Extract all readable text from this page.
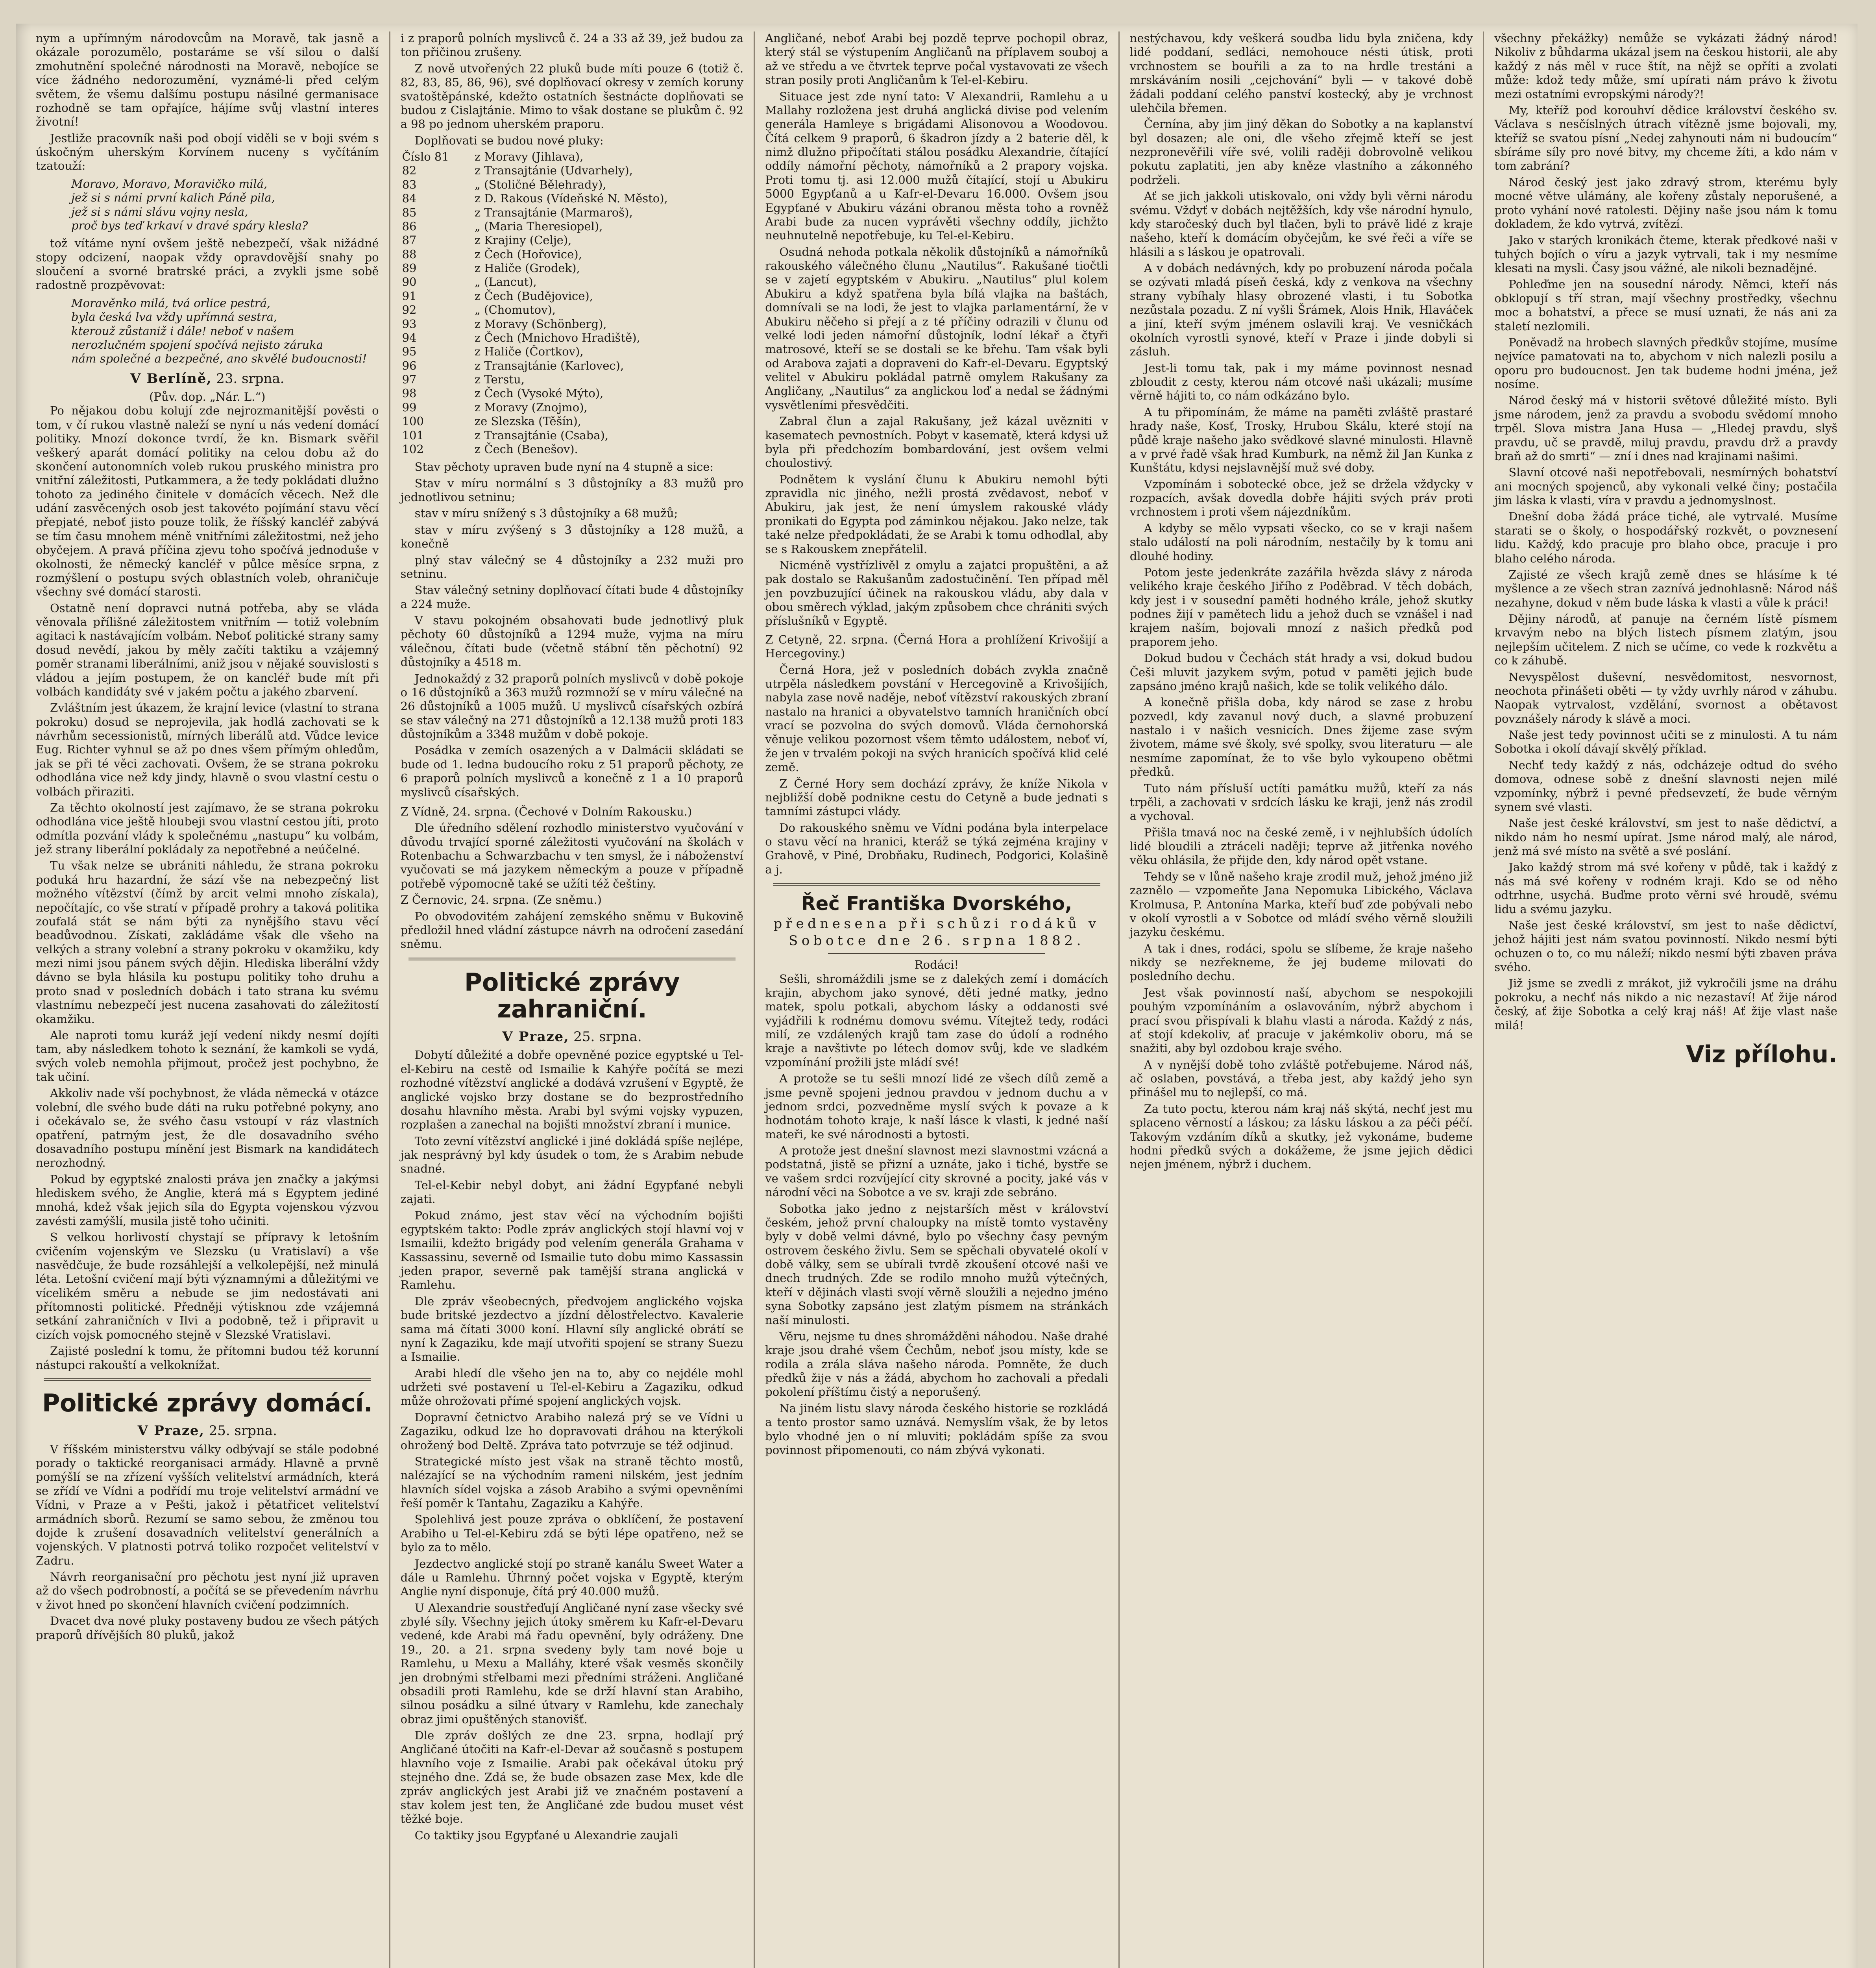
nym a upřímným národovcům na Moravě, tak jasně a okázale porozumělo, postaráme se vší silou o další zmohutnění společné národnosti na Moravě, nebojíce se více žádného nedorozumění, vyznámé-li před celým světem, že všemu dalšímu postupu násilné germanisace rozhodně se tam opřajíce, hájíme svůj vlastní interes životní!

Jestliže pracovník naši pod obojí viděli se v boji svém s úskočným uherským Korvínem nuceny s vyčítáním tzatouží:

Moravo, Moravo, Moravičko milá,
jež si s námi první kalich Páně pila,
jež si s námi slávu vojny nesla,
proč bys teď krkaví v dravé spáry klesla?

tož vítáme nyní ovšem ještě nebezpečí, však nižádné stopy odcizení, naopak vždy opravdovější snahy po sloučení a svorné bratrské práci, a zvykli jsme sobě radostně prozpěvovat:

Moravěnko milá, tvá orlice pestrá,
byla česká lva vždy upřímná sestra,
kterouž zůstaniž i dále! neboť v našem
nerozlučném spojení spočívá nejisto záruka
nám společné a bezpečné, ano skvělé budoucnosti!
V Berlíně, 23. srpna.
(Pův. dop. „Nár. L.“)

Po nějakou dobu kolují zde nejrozmanitější pověsti o tom, v čí rukou vlastně naleží se nyní u nás vedení domácí politiky. Mnozí dokonce tvrdí, že kn. Bismark svěřil veškerý aparát domácí politiky na celou dobu až do skončení autonomních voleb rukou pruského ministra pro vnitřní záležitosti, Putkammera, a že tedy pokládati dlužno tohoto za jediného činitele v domácích věcech. Než dle udání zasvěcených osob jest takovéto pojímání stavu věcí přepjaté, neboť jisto pouze tolik, že říšský kancléř zabývá se tím času mnohem méně vnitřními záležitostmi, než jeho obyčejem. A pravá příčina zjevu toho spočívá jednoduše v okolnosti, že německý kancléř v půlce měsíce srpna, z rozmýšlení o postupu svých oblastních voleb, ohraničuje všechny své domácí starosti.

Ostatně není dopravci nutná potřeba, aby se vláda věnovala přílišné záležitostem vnitřním — totiž volebním agitaci k nastávajícím volbám. Neboť politické strany samy dosud nevědí, jakou by měly začíti taktiku a vzájemný poměr stranami liberálními, aniž jsou v nějaké souvislosti s vládou a jejím postupem, že on kancléř bude mít při volbách kandidáty své v jakém počtu a jakého zbarvení.

Zvláštním jest úkazem, že krajní levice (vlastní to strana pokroku) dosud se neprojevila, jak hodlá zachovati se k návrhům secessionistů, mírných liberálů atd. Vůdce levice Eug. Richter vyhnul se až po dnes všem přímým ohledům, jak se při té věci zachovati. Ovšem, že se strana pokroku odhodlána vice než kdy jindy, hlavně o svou vlastní cestu o volbách přiraziti.

Za těchto okolností jest zajímavo, že se strana pokroku odhodlána vice ještě hloubeji svou vlastní cestou jíti, proto odmítla pozvání vlády k společnému „nastupu“ ku volbám, jež strany liberální pokládaly za nepotřebné a neúčelné.

Tu však nelze se ubrániti náhledu, že strana pokroku poduká hru hazardní, že sází vše na nebezpečný list možného vítězství (čímž by arcit velmi mnoho získala), nepočítajíc, co vše stratí v případě prohry a taková politika zoufalá stát se nám býti za nynějšího stavu věcí beadůvodnou. Získati, zakládáme však dle všeho na velkých a strany volební a strany pokroku v okamžiku, kdy mezi nimi jsou pánem svých dějin. Hlediska liberální vždy dávno se byla hlásila ku postupu politiky toho druhu a proto snad v posledních dobách i tato strana ku svému vlastnímu nebezpečí jest nucena zasahovati do záležitostí okamžiku.

Ale naproti tomu kuráž její vedení nikdy nesmí dojíti tam, aby následkem tohoto k seznání, že kamkoli se vydá, svých voleb nemohla přijmout, pročež jest pochybno, že tak učiní.

Akkoliv nade vší pochybnost, že vláda německá v otázce volební, dle svého bude dáti na ruku potřebné pokyny, ano i očekávalo se, že svého času vstoupí v ráz vlastních opatření, patrným jest, že dle dosavadního svého dosavadního postupu mínění jest Bismark na kandidátech nerozhodný.

Pokud by egyptské znalosti práva jen značky a jakýmsi hlediskem svého, že Anglie, která má s Egyptem jediné mnohá, kdež však jejich síla do Egypta vojenskou výzvou zavésti zamýšlí, musila jistě toho učiniti.

S velkou horlivostí chystají se přípravy k letošním cvičením vojenským ve Slezsku (u Vratislaví) a vše nasvědčuje, že bude rozsáhlejší a velkolepější, než minulá léta. Letošní cvičení mají býti významnými a důležitými ve vícelikém směru a nebude se jim nedostávati ani přítomnosti politické. Předněji výtisknou zde vzájemná setkání zahraničních v Ilvi a podobně, tež i připravit u cizích vojsk pomocného stejně v Slezské Vratislavi.

Zajisté poslední k tomu, že přítomni budou též korunní nástupci rakouští a velkoknížat.

Politické zprávy domácí.
V Praze, 25. srpna.

V říšském ministerstvu války odbývají se stále podobné porady o taktické reorganisaci armády. Hlavně a prvně pomýšlí se na zřízení vyšších velitelství armádních, která se zřídí ve Vídni a podřídí mu troje velitelství armádní ve Vídni, v Praze a v Pešti, jakož i pětatřicet velitelství armádních sborů. Rezumí se samo sebou, že změnou tou dojde k zrušení dosavadních velitelství generálních a vojenských. V platnosti potrvá toliko rozpočet velitelství v Zadru.

Návrh reorganisační pro pěchotu jest nyní již upraven až do všech podrobností, a počítá se se převedením návrhu v život hned po skončení hlavních cvičení podzimních.

Dvacet dva nové pluky postaveny budou ze všech pátých praporů dřívějších 80 pluků, jakož

i z praporů polních myslivců č. 24 a 33 až 39, jež budou za ton přičinou zrušeny.

Z nově utvořených 22 pluků bude míti pouze 6 (totiž č. 82, 83, 85, 86, 96), své doplňovací okresy v zemích koruny svatoštěpánské, kdežto ostatních šestnácte doplňovati se budou z Cislajtánie. Mimo to však dostane se plukům č. 92 a 98 po jednom uherském praporu.

Doplňovati se budou nové pluky:

Číslo 81	z Moravy (Jihlava),
82	z Transajtánie (Udvarhely),
83	„ (Stoličné Bělehrady),
84	z D. Rakous (Vídeňské N. Město),
85	z Transajtánie (Marmaroš),
86	„ (Maria Theresiopel),
87	z Krajiny (Celje),
88	z Čech (Hořovice),
89	z Haliče (Grodek),
90	„ (Lancut),
91	z Čech (Budějovice),
92	„ (Chomutov),
93	z Moravy (Schönberg),
94	z Čech (Mnichovo Hradiště),
95	z Haliče (Čortkov),
96	z Transajtánie (Karlovec),
97	z Terstu,
98	z Čech (Vysoké Mýto),
99	z Moravy (Znojmo),
100	ze Slezska (Těšín),
101	z Transajtánie (Csaba),
102	z Čech (Benešov).

Stav pěchoty upraven bude nyní na 4 stupně a sice:

Stav v míru normální s 3 důstojníky a 83 mužů pro jednotlivou setninu;

stav v míru snížený s 3 důstojníky a 68 mužů;

stav v míru zvýšený s 3 důstojníky a 128 mužů, a konečně

plný stav válečný se 4 důstojníky a 232 muži pro setninu.

Stav válečný setniny doplňovací čítati bude 4 důstojníky a 224 muže.

V stavu pokojném obsahovati bude jednotlivý pluk pěchoty 60 důstojníků a 1294 muže, vyjma na míru válečnou, čítati bude (včetně stábní těn pěchotní) 92 důstojníky a 4518 m.

Jednokaždý z 32 praporů polních myslivců v době pokoje o 16 důstojníků a 363 mužů rozmnoží se v míru válečné na 26 důstojníků a 1005 mužů. U myslivců císařských ozbírá se stav válečný na 271 důstojníků a 12.138 mužů proti 183 důstojníkům a 3348 mužům v době pokoje.

Posádka v zemích osazených a v Dalmácii skládati se bude od 1. ledna budoucího roku z 51 praporů pěchoty, ze 6 praporů polních myslivců a konečně z 1 a 10 praporů myslivců císařských.

Z Vídně, 24. srpna. (Čechové v Dolním Rakousku.)

Dle úředního sdělení rozhodlo ministerstvo vyučování v důvodu trvající sporné záležitosti vyučování na školách v Rotenbachu a Schwarzbachu v ten smysl, že i náboženství vyučovati se má jazykem německým a pouze v případně potřebě výpomocně také se užíti též češtiny.

Z Černovic, 24. srpna. (Ze sněmu.)

Po obvodovitém zahájení zemského sněmu v Bukovině předložil hned vládní zástupce návrh na odročení zasedání sněmu.

Politické zprávy zahraniční.
V Praze, 25. srpna.

Dobytí důležité a dobře opevněné pozice egyptské u Tel-el-Kebiru na cestě od Ismailie k Kahýře počítá se mezi rozhodné vítězství anglické a dodává vzrušení v Egyptě, že anglické vojsko brzy dostane se do bezprostředního dosahu hlavního města. Arabi byl svými vojsky vypuzen, rozplašen a zanechal na bojišti množství zbraní i munice.

Toto zevní vítězství anglické i jiné dokládá spíše nejlépe, jak nesprávný byl kdy úsudek o tom, že s Arabim nebude snadné.

Tel-el-Kebir nebyl dobyt, ani žádní Egypťané nebyli zajati.

Pokud známo, jest stav věcí na východním bojišti egyptském takto: Podle zpráv anglických stojí hlavní voj v Ismailii, kdežto brigády pod velením generála Grahama v Kassassinu, severně od Ismailie tuto dobu mimo Kassassin jeden prapor, severně pak tamější strana anglická v Ramlehu.

Dle zpráv všeobecných, předvojem anglického vojska bude britské jezdectvo a jízdní dělostřelectvo. Kavalerie sama má čítati 3000 koní. Hlavní síly anglické obrátí se nyní k Zagaziku, kde mají utvořiti spojení se strany Suezu a Ismailie.

Arabi hledí dle všeho jen na to, aby co nejdéle mohl udržeti své postavení u Tel-el-Kebiru a Zagaziku, odkud může ohrožovati přímé spojení anglických vojsk.

Dopravní četnictvo Arabiho nalezá prý se ve Vídni u Zagaziku, odkud lze ho dopravovati dráhou na kterýkoli ohrožený bod Deltě. Zpráva tato potvrzuje se též odjinud.

Strategické místo jest však na straně těchto mostů, nalézající se na východním rameni nilském, jest jedním hlavních sídel vojska a zásob Arabiho a svými opevněními řeší poměr k Tantahu, Zagaziku a Kahýře.

Spolehlivá jest pouze zpráva o obklíčení, že postavení Arabiho u Tel-el-Kebiru zdá se býti lépe opatřeno, než se bylo za to mělo.

Jezdectvo anglické stojí po straně kanálu Sweet Water a dále u Ramlehu. Úhrnný počet vojska v Egyptě, kterým Anglie nyní disponuje, čítá prý 40.000 mužů.

U Alexandrie soustřeďují Angličané nyní zase všecky své zbylé síly. Všechny jejich útoky směrem ku Kafr-el-Devaru vedené, kde Arabi má řadu opevnění, byly odráženy. Dne 19., 20. a 21. srpna svedeny byly tam nové boje u Ramlehu, u Mexu a Malláhy, které však vesměs skončily jen drobnými střelbami mezi předními stráženi. Angličané obsadili proti Ramlehu, kde se drží hlavní stan Arabiho, silnou posádku a silné útvary v Ramlehu, kde zanechaly obraz jimi opuštěných stanovišť.

Dle zpráv došlých ze dne 23. srpna, hodlají prý Angličané útočiti na Kafr-el-Devar až současně s postupem hlavního voje z Ismailie. Arabi pak očekával útoku prý stejného dne. Zdá se, že bude obsazen zase Mex, kde dle zpráv anglických jest Arabi již ve značném postavení a stav kolem jest ten, že Angličané zde budou muset vést těžké boje.

Co taktiky jsou Egypťané u Alexandrie zaujali

Angličané, neboť Arabi bej pozdě teprve pochopil obraz, který stál se výstupením Angličanů na příplavem souboj a až ve středu a ve čtvrtek teprve počal vystavovati ze všech stran posily proti Angličanům k Tel-el-Kebiru.

Situace jest zde nyní tato: V Alexandrii, Ramlehu a u Mallahy rozložena jest druhá anglická divise pod velením generála Hamleye s brigádami Alisonovou a Woodovou. Čítá celkem 9 praporů, 6 škadron jízdy a 2 baterie děl, k nimž dlužno připočítati stálou posádku Alexandrie, čítající oddíly námořní pěchoty, námořníků a 2 prapory vojska. Proti tomu tj. asi 12.000 mužů čítající, stojí u Abukiru 5000 Egypťanů a u Kafr-el-Devaru 16.000. Ovšem jsou Egypťané v Abukiru vázáni obranou města toho a rovněž Arabi bude za nucen vyprávěti všechny oddíly, jichžto neuhnutelně nepotřebuje, ku Tel-el-Kebiru.

Osudná nehoda potkala několik důstojníků a námořníků rakouského válečného člunu „Nautilus“. Rakušané tiočtli se v zajetí egyptském v Abukiru. „Nautilus“ plul kolem Abukiru a když spatřena byla bílá vlajka na baštách, domnívali se na lodi, že jest to vlajka parlamentární, že v Abukiru něčeho si přejí a z té příčiny odrazili v člunu od velké lodi jeden námořní důstojník, lodní lékař a čtyři matrosové, kteří se se dostali se ke břehu. Tam však byli od Arabova zajati a dopraveni do Kafr-el-Devaru. Egyptský velitel v Abukiru pokládal patrně omylem Rakušany za Angličany, „Nautilus“ za anglickou loď a nedal se žádnými vysvětleními přesvědčiti.

Zabral člun a zajal Rakušany, jež kázal uvězniti v kasematech pevnostních. Pobyt v kasematě, která kdysi už byla při předchozím bombardování, jest ovšem velmi choulostivý.

Podnětem k vyslání člunu k Abukiru nemohl býti zpravidla nic jiného, nežli prostá zvědavost, neboť v Abukiru, jak jest, že není úmyslem rakouské vlády pronikati do Egypta pod záminkou nějakou. Jako nelze, tak také nelze předpokládati, že se Arabi k tomu odhodlal, aby se s Rakouskem znepřátelil.

Nicméně vystřízlivěl z omylu a zajatci propuštěni, a až pak dostalo se Rakušanům zadostučinění. Ten případ měl jen povzbuzující účinek na rakouskou vládu, aby dala v obou směrech výklad, jakým způsobem chce chrániti svých příslušníků v Egyptě.

Z Cetyně, 22. srpna. (Černá Hora a prohlížení Krivošijí a Hercegoviny.)

Černá Hora, jež v posledních dobách zvykla značně utrpěla následkem povstání v Hercegovině a Krivošijích, nabyla zase nově naděje, neboť vítězství rakouských zbraní nastalo na hranici a obyvatelstvo tamních hraničních obcí vrací se pozvolna do svých domovů. Vláda černohorská věnuje velikou pozornost všem těmto událostem, neboť ví, že jen v trvalém pokoji na svých hranicích spočívá klid celé země.

Z Černé Hory sem dochází zprávy, že kníže Nikola v nejbližší době podnikne cestu do Cetyně a bude jednati s tamními zástupci vlády.

Do rakouského sněmu ve Vídni podána byla interpelace o stavu věcí na hranici, kteráž se týká zejména krajiny v Grahově, v Piné, Drobňaku, Rudinech, Podgorici, Kolašině a j.

Řeč Františka Dvorského,
přednesena při schůzi rodáků v Sobotce dne 26. srpna 1882.
Rodáci!

Sešli, shromáždili jsme se z dalekých zemí i domácích krajin, abychom jako synové, děti jedné matky, jedno matek, spolu potkali, abychom lásky a oddanosti své vyjádřili k rodnému domovu svému. Vítejtež tedy, rodáci milí, ze vzdálených krajů tam zase do údolí a rodného kraje a navštivte po létech domov svůj, kde ve sladkém vzpomínání prožili jste mládí své!

A protože se tu sešli mnozí lidé ze všech dílů země a jsme pevně spojeni jednou pravdou v jednom duchu a v jednom srdci, pozvedněme myslí svých k povaze a k hodnotám tohoto kraje, k naší lásce k vlasti, k jedné naší mateři, ke své národnosti a bytosti.

A protože jest dnešní slavnost mezi slavnostmi vzácná a podstatná, jistě se přizní a uznáte, jako i tiché, bystře se ve vašem srdci rozvíjející city skrovné a pocity, jaké vás v národní věci na Sobotce a ve sv. kraji zde sebráno.

Sobotka jako jedno z nejstarších měst v království českém, jehož první chaloupky na místě tomto vystavěny byly v době velmi dávné, bylo po všechny časy pevným ostrovem českého živlu. Sem se spěchali obyvatelé okolí v době války, sem se ubírali tvrdě zkoušení otcové naši ve dnech trudných. Zde se rodilo mnoho mužů výtečných, kteří v dějinách vlasti svojí věrně sloužili a nejedno jméno syna Sobotky zapsáno jest zlatým písmem na stránkách naší minulosti.

Věru, nejsme tu dnes shromážděni náhodou. Naše drahé kraje jsou drahé všem Čechům, neboť jsou místy, kde se rodila a zrála sláva našeho národa. Pomněte, že duch předků žije v nás a žádá, abychom ho zachovali a předali pokolení příštímu čistý a neporušený.

Na jiném listu slavy národa českého historie se rozkládá a tento prostor samo uznává. Nemyslím však, že by letos bylo vhodné jen o ní mluviti; pokládám spíše za svou povinnost připomenouti, co nám zbývá vykonati.

nestýchavou, kdy veškerá soudba lidu byla zničena, kdy lidé poddaní, sedláci, nemohouce nésti útisk, proti vrchnostem se bouřili a za to na hrdle trestáni a mrskáváním nosili „cejchování“ byli — v takové době žádali poddaní celého panství kostecký, aby je vrchnost ulehčila břemen.

Černína, aby jim jiný děkan do Sobotky a na kaplanství byl dosazen; ale oni, dle všeho zřejmě kteří se jest nezpronevěřili víře své, volili raději dobrovolně velikou pokutu zaplatiti, jen aby kněze vlastního a zákonného podrželi.

Ať se jich jakkoli utiskovalo, oni vždy byli věrni národu svému. Vždyť v dobách nejtěžších, kdy vše národní hynulo, kdy staročeský duch byl tlačen, byli to právě lidé z kraje našeho, kteří k domácím obyčejům, ke své řeči a víře se hlásili a s láskou je opatrovali.

A v dobách nedávných, kdy po probuzení národa počala se ozývati mladá píseň česká, kdy z venkova na všechny strany vybíhaly hlasy obrozené vlasti, i tu Sobotka nezůstala pozadu. Z ní vyšli Šrámek, Alois Hnik, Hlaváček a jiní, kteří svým jménem oslavili kraj. Ve vesničkách okolních vyrostli synové, kteří v Praze i jinde dobyli si zásluh.

Jest-li tomu tak, pak i my máme povinnost nesnad zbloudit z cesty, kterou nám otcové naši ukázali; musíme věrně hájiti to, co nám odkázáno bylo.

A tu připomínám, že máme na paměti zvláště prastaré hrady naše, Kosť, Trosky, Hrubou Skálu, které stojí na půdě kraje našeho jako svědkové slavné minulosti. Hlavně a v prvé řadě však hrad Kumburk, na němž žil Jan Kunka z Kunštátu, kdysi nejslavnější muž své doby.

Vzpomínám i sobotecké obce, jež se držela vždycky v rozpacích, avšak dovedla dobře hájiti svých práv proti vrchnostem i proti všem nájezdníkům.

A kdyby se mělo vypsati všecko, co se v kraji našem stalo událostí na poli národním, nestačily by k tomu ani dlouhé hodiny.

Potom jeste jedenkráte zazářila hvězda slávy z národa velikého kraje českého Jiřího z Poděbrad. V těch dobách, kdy jest i v sousední paměti hodného krále, jehož skutky podnes žijí v pamětech lidu a jehož duch se vznášel i nad krajem naším, bojovali mnozí z našich předků pod praporem jeho.

Dokud budou v Čechách stát hrady a vsi, dokud budou Češi mluvit jazykem svým, potud v paměti jejich bude zapsáno jméno krajů našich, kde se tolik velikého dálo.

A konečně přišla doba, kdy národ se zase z hrobu pozvedl, kdy zavanul nový duch, a slavné probuzení nastalo i v našich vesnicích. Dnes žijeme zase svým životem, máme své školy, své spolky, svou literaturu — ale nesmíme zapomínat, že to vše bylo vykoupeno obětmi předků.

Tuto nám přísluší uctíti památku mužů, kteří za nás trpěli, a zachovati v srdcích lásku ke kraji, jenž nás zrodil a vychoval.

Přišla tmavá noc na české země, i v nejhlubších údolích lidé bloudili a ztráceli naději; teprve až jitřenka nového věku ohlásila, že přijde den, kdy národ opět vstane.

Tehdy se v lůně našeho kraje zrodil muž, jehož jméno již zaznělo — vzpomeňte Jana Nepomuka Libického, Václava Krolmusa, P. Antonína Marka, kteří buď zde pobývali nebo v okolí vyrostli a v Sobotce od mládí svého věrně sloužili jazyku českému.

A tak i dnes, rodáci, spolu se slíbeme, že kraje našeho nikdy se nezřekneme, že jej budeme milovati do posledního dechu.

Jest však povinností naší, abychom se nespokojili pouhým vzpomínáním a oslavováním, nýbrž abychom i prací svou přispívali k blahu vlasti a národa. Každý z nás, ať stojí kdekoliv, ať pracuje v jakémkoliv oboru, má se snažiti, aby byl ozdobou kraje svého.

A v nynější době toho zvláště potřebujeme. Národ náš, ač oslaben, povstává, a třeba jest, aby každý jeho syn přinášel mu to nejlepší, co má.

Za tuto poctu, kterou nám kraj náš skýtá, nechť jest mu splaceno věrností a láskou; za lásku láskou a za péči péčí. Takovým vzdáním díků a skutky, jež vykonáme, budeme hodni předků svých a dokážeme, že jsme jejich dědici nejen jménem, nýbrž i duchem.

všechny překážky) nemůže se vykázati žádný národ! Nikoliv z bůhdarma ukázal jsem na českou historii, ale aby každý z nás měl v ruce štít, na nějž se opříti a zvolati může: kdož tedy může, smí upírati nám právo k životu mezi ostatními evropskými národy?!

My, kteříž pod korouhví dědice království českého sv. Václava s nesčíslných útrach vítězně jsme bojovali, my, kteříž se svatou písní „Nedej zahynouti nám ni budoucím“ sbíráme síly pro nové bitvy, my chceme žíti, a kdo nám v tom zabrání?

Národ český jest jako zdravý strom, kterému byly mocné větve ulámány, ale kořeny zůstaly neporušené, a proto vyhání nové ratolesti. Dějiny naše jsou nám k tomu dokladem, že kdo vytrvá, zvítězí.

Jako v starých kronikách čteme, kterak předkové naši v tuhých bojích o víru a jazyk vytrvali, tak i my nesmíme klesati na mysli. Časy jsou vážné, ale nikoli beznadějné.

Pohleďme jen na sousední národy. Němci, kteří nás obklopují s tří stran, mají všechny prostředky, všechnu moc a bohatství, a přece se musí uznati, že nás ani za staletí nezlomili.

Poněvadž na hrobech slavných předkův stojíme, musíme nejvíce pamatovati na to, abychom v nich nalezli posilu a oporu pro budoucnost. Jen tak budeme hodni jména, jež nosíme.

Národ český má v historii světové důležité místo. Byli jsme národem, jenž za pravdu a svobodu svědomí mnoho trpěl. Slova mistra Jana Husa — „Hledej pravdu, slyš pravdu, uč se pravdě, miluj pravdu, pravdu drž a pravdy braň až do smrti“ — zní i dnes nad krajinami našimi.

Slavní otcové naši nepotřebovali, nesmírných bohatství ani mocných spojenců, aby vykonali velké činy; postačila jim láska k vlasti, víra v pravdu a jednomyslnost.

Dnešní doba žádá práce tiché, ale vytrvalé. Musíme starati se o školy, o hospodářský rozkvět, o povznesení lidu. Každý, kdo pracuje pro blaho obce, pracuje i pro blaho celého národa.

Zajisté ze všech krajů země dnes se hlásíme k té myšlence a ze všech stran zaznívá jednohlasně: Národ náš nezahyne, dokud v něm bude láska k vlasti a vůle k práci!

Dějiny národů, ať panuje na černém lístě písmem krvavým nebo na blých listech písmem zlatým, jsou nejlepším učitelem. Z nich se učíme, co vede k rozkvětu a co k záhubě.

Nevyspělost duševní, nesvědomitost, nesvornost, neochota přinášeti oběti — ty vždy uvrhly národ v záhubu. Naopak vytrvalost, vzdělání, svornost a obětavost povznášely národy k slávě a moci.

Naše jest tedy povinnost učiti se z minulosti. A tu nám Sobotka i okolí dávají skvělý příklad.

Nechť tedy každý z nás, odcházeje odtud do svého domova, odnese sobě z dnešní slavnosti nejen milé vzpomínky, nýbrž i pevné předsevzetí, že bude věrným synem své vlasti.

Naše jest české království, sm jest to naše dědictví, a nikdo nám ho nesmí upírat. Jsme národ malý, ale národ, jenž má své místo na světě a své poslání.

Jako každý strom má své kořeny v půdě, tak i každý z nás má své kořeny v rodném kraji. Kdo se od něho odtrhne, usychá. Buďme proto věrni své hroudě, svému lidu a svému jazyku.

Naše jest české království, sm jest to naše dědictví, jehož hájiti jest nám svatou povinností. Nikdo nesmí býti ochuzen o to, co mu náleží; nikdo nesmí býti zbaven práva svého.

Již jsme se zvedli z mrákot, již vykročili jsme na dráhu pokroku, a nechť nás nikdo a nic nezastaví! Ať žije národ český, ať žije Sobotka a celý kraj náš! Ať žije vlast naše milá!

Viz přílohu.
